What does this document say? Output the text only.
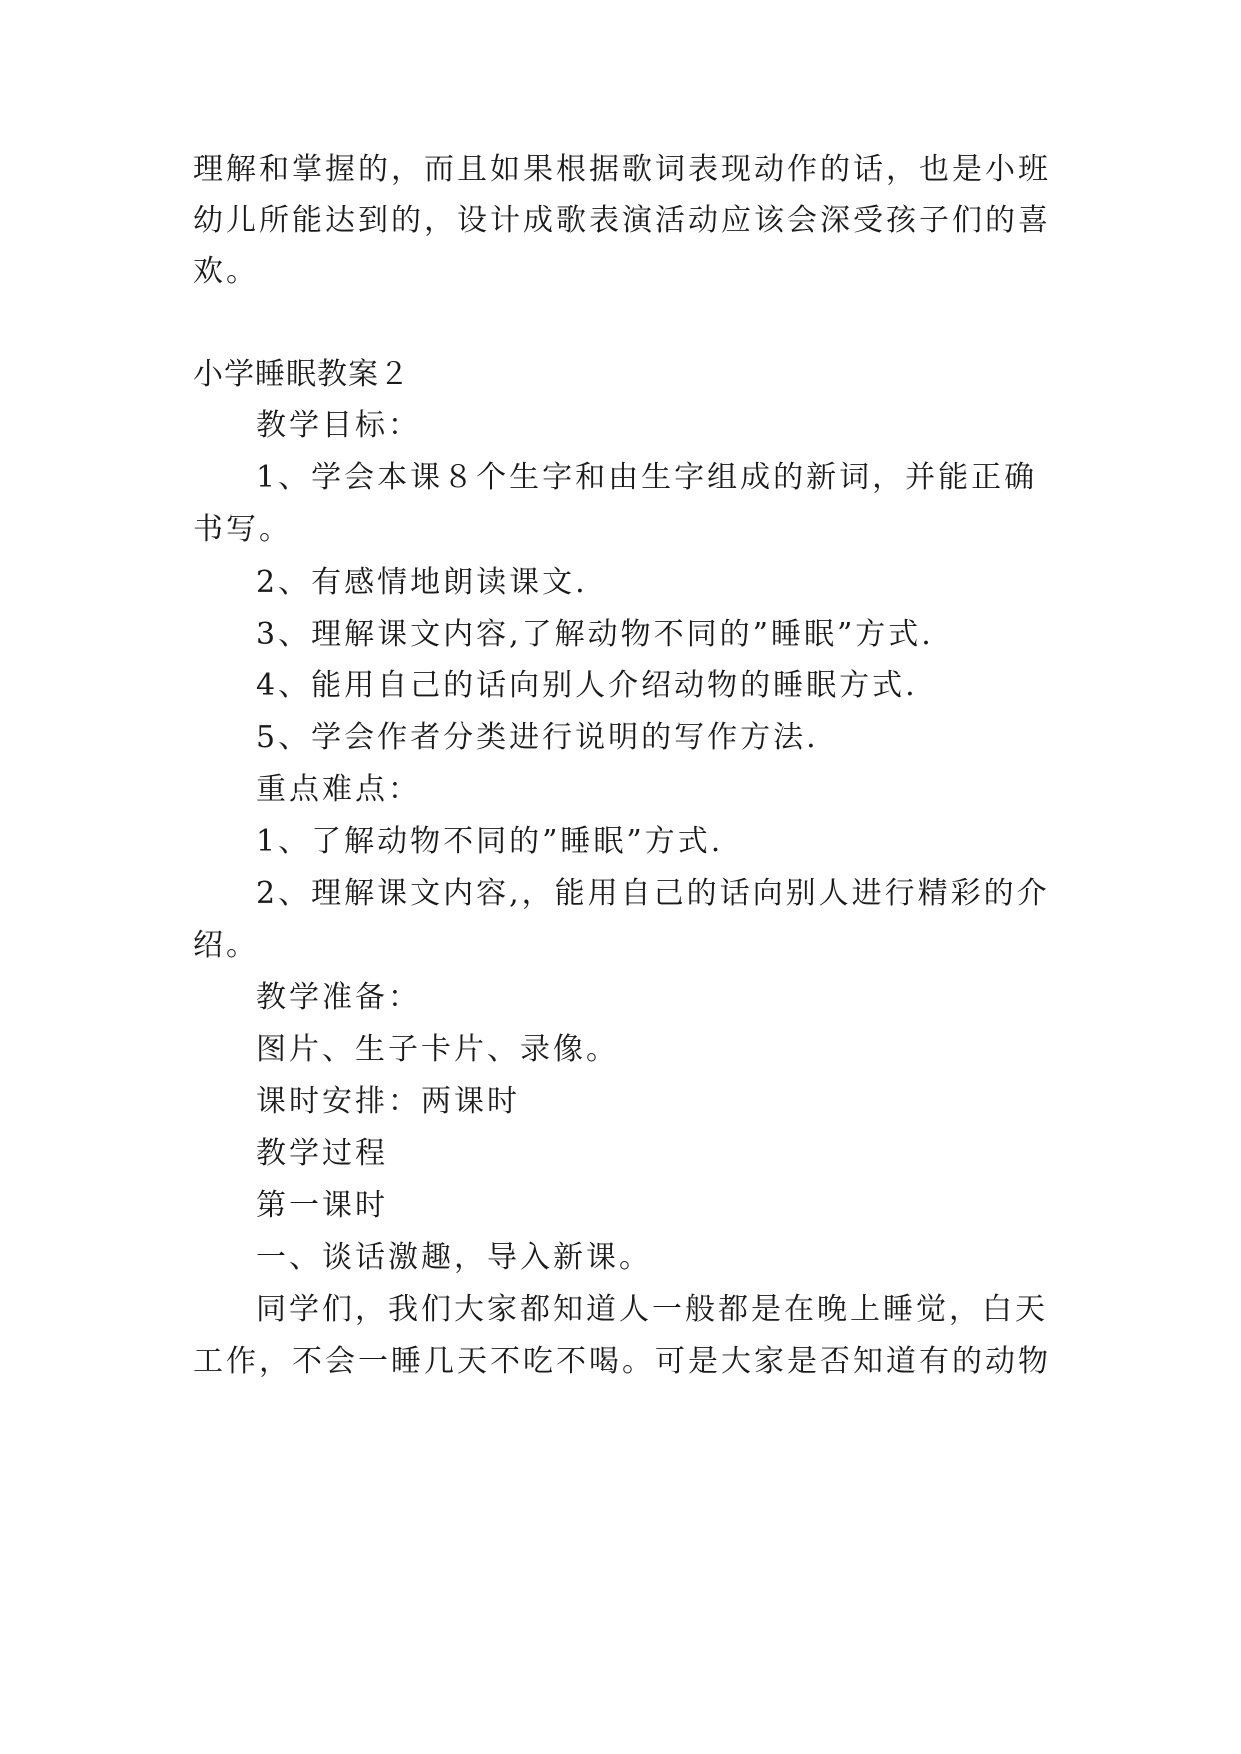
理解和掌握的，而且如果根据歌词表现动作的话，也是小班

幼儿所能达到的，设计成歌表演活动应该会深受孩子们的喜

欢。

小学睡眠教案２

教学目标：

1、学会本课８个生字和由生字组成的新词，并能正确

书写。

2、有感情地朗读课文.

3、理解课文内容,了解动物不同的”睡眠”方式.

4、能用自己的话向别人介绍动物的睡眠方式.

5、学会作者分类进行说明的写作方法.

重点难点：

1、了解动物不同的”睡眠”方式.

2、理解课文内容,，能用自己的话向别人进行精彩的介

绍。

教学准备：

图片、生子卡片、录像。

课时安排：两课时

教学过程

第一课时

一、谈话激趣，导入新课。

同学们，我们大家都知道人一般都是在晚上睡觉，白天

工作，不会一睡几天不吃不喝。可是大家是否知道有的动物
